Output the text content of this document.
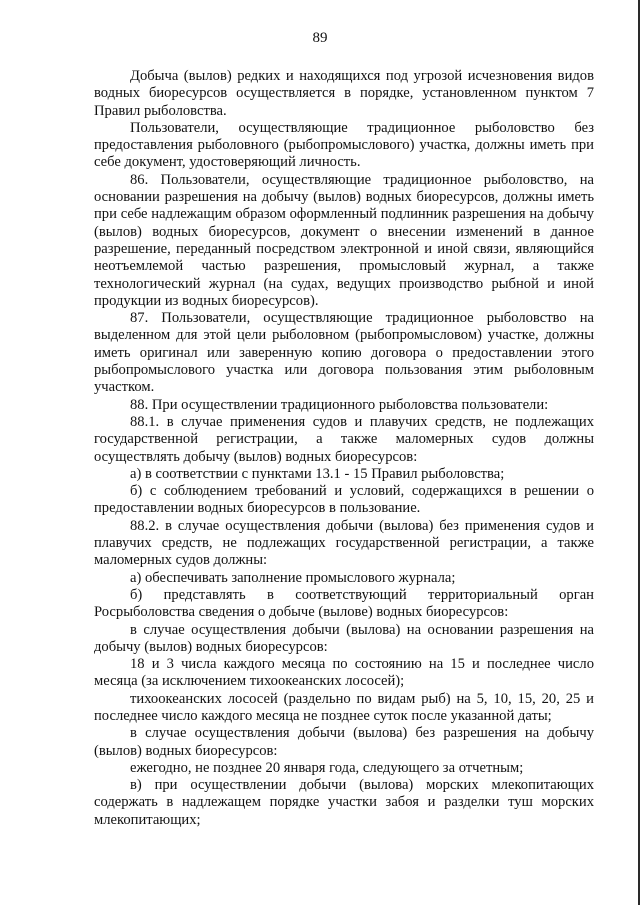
89

Добыча (вылов) редких и находящихся под угрозой исчезновения видов водных биоресурсов осуществляется в порядке, установленном пунктом 7 Правил рыболовства.

Пользователи, осуществляющие традиционное рыболовство без предоставления рыболовного (рыбопромыслового) участка, должны иметь при себе документ, удостоверяющий личность.

86. Пользователи, осуществляющие традиционное рыболовство, на основании разрешения на добычу (вылов) водных биоресурсов, должны иметь при себе надлежащим образом оформленный подлинник разрешения на добычу (вылов) водных биоресурсов, документ о внесении изменений в данное разрешение, переданный посредством электронной и иной связи, являющийся неотъемлемой частью разрешения, промысловый журнал, а также технологический журнал (на судах, ведущих производство рыбной и иной продукции из водных биоресурсов).

87. Пользователи, осуществляющие традиционное рыболовство на выделенном для этой цели рыболовном (рыбопромысловом) участке, должны иметь оригинал или заверенную копию договора о предоставлении этого рыбопромыслового участка или договора пользования этим рыболовным участком.

88. При осуществлении традиционного рыболовства пользователи:

88.1. в случае применения судов и плавучих средств, не подлежащих государственной регистрации, а также маломерных судов должны осуществлять добычу (вылов) водных биоресурсов:

а) в соответствии с пунктами 13.1 - 15 Правил рыболовства;

б) с соблюдением требований и условий, содержащихся в решении о предоставлении водных биоресурсов в пользование.

88.2. в случае осуществления добычи (вылова) без применения судов и плавучих средств, не подлежащих государственной регистрации, а также маломерных судов должны:

а) обеспечивать заполнение промыслового журнала;

б) представлять в соответствующий территориальный орган Росрыболовства сведения о добыче (вылове) водных биоресурсов:

в случае осуществления добычи (вылова) на основании разрешения на добычу (вылов) водных биоресурсов:

18 и 3 числа каждого месяца по состоянию на 15 и последнее число месяца (за исключением тихоокеанских лососей);

тихоокеанских лососей (раздельно по видам рыб) на 5, 10, 15, 20, 25 и последнее число каждого месяца не позднее суток после указанной даты;

в случае осуществления добычи (вылова) без разрешения на добычу (вылов) водных биоресурсов:

ежегодно, не позднее 20 января года, следующего за отчетным;

в) при осуществлении добычи (вылова) морских млекопитающих содержать в надлежащем порядке участки забоя и разделки туш морских млекопитающих;
